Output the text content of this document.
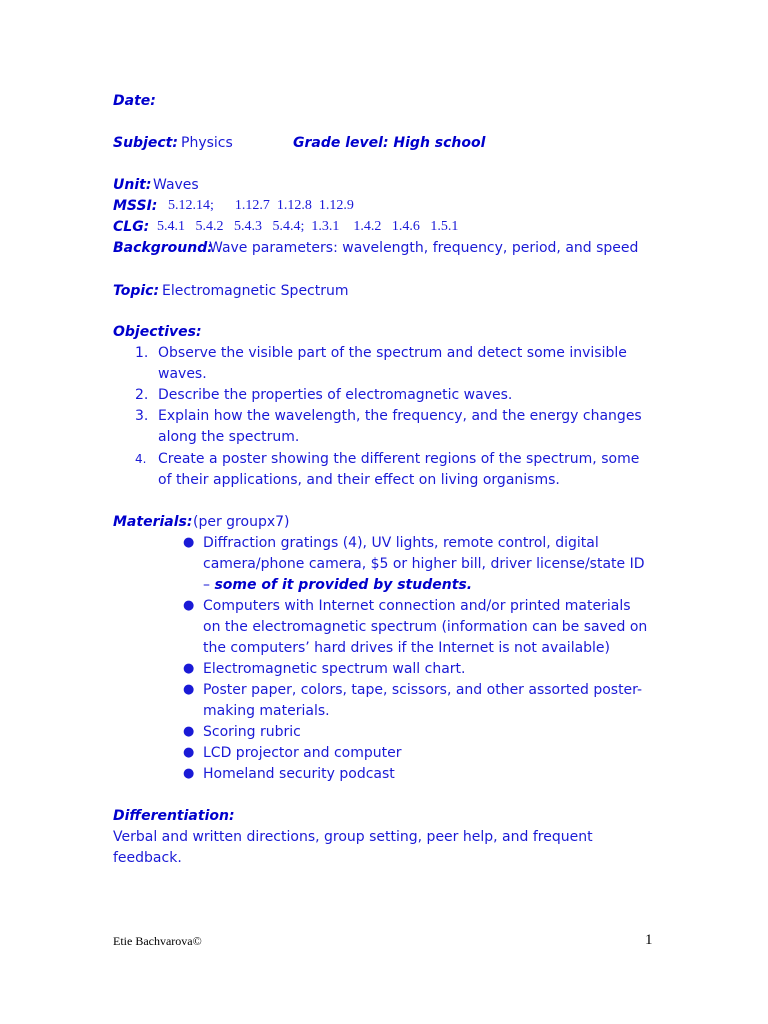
Date:
Subject: Physics	Grade level: High school
Unit: Waves
MSSI: 5.12.14;      1.12.7  1.12.8  1.12.9
CLG: 5.4.1   5.4.2   5.4.3   5.4.4;  1.3.1    1.4.2   1.4.6   1.5.1
Background:
Wave parameters: wavelength, frequency, period, and speed
Topic: Electromagnetic Spectrum
Objectives:
1. Observe the visible part of the spectrum and detect some invisible
waves.
2. Describe the properties of electromagnetic waves.
3. Explain how the wavelength, the frequency, and the energy changes
along the spectrum.
4. Create a poster showing the different regions of the spectrum, some
of their applications, and their effect on living organisms.
Materials: (per groupx7)
● Diffraction gratings (4), UV lights, remote control, digital
camera/phone camera, $5 or higher bill, driver license/state ID
– some of it provided by students.
● Computers with Internet connection and/or printed materials
on the electromagnetic spectrum (information can be saved on
the computers’ hard drives if the Internet is not available)
● Electromagnetic spectrum wall chart.
● Poster paper, colors, tape, scissors, and other assorted poster-
making materials.
● Scoring rubric
● LCD projector and computer
● Homeland security podcast
Differentiation:
Verbal and written directions, group setting, peer help, and frequent
feedback.
Etie Bachvarova©	1
